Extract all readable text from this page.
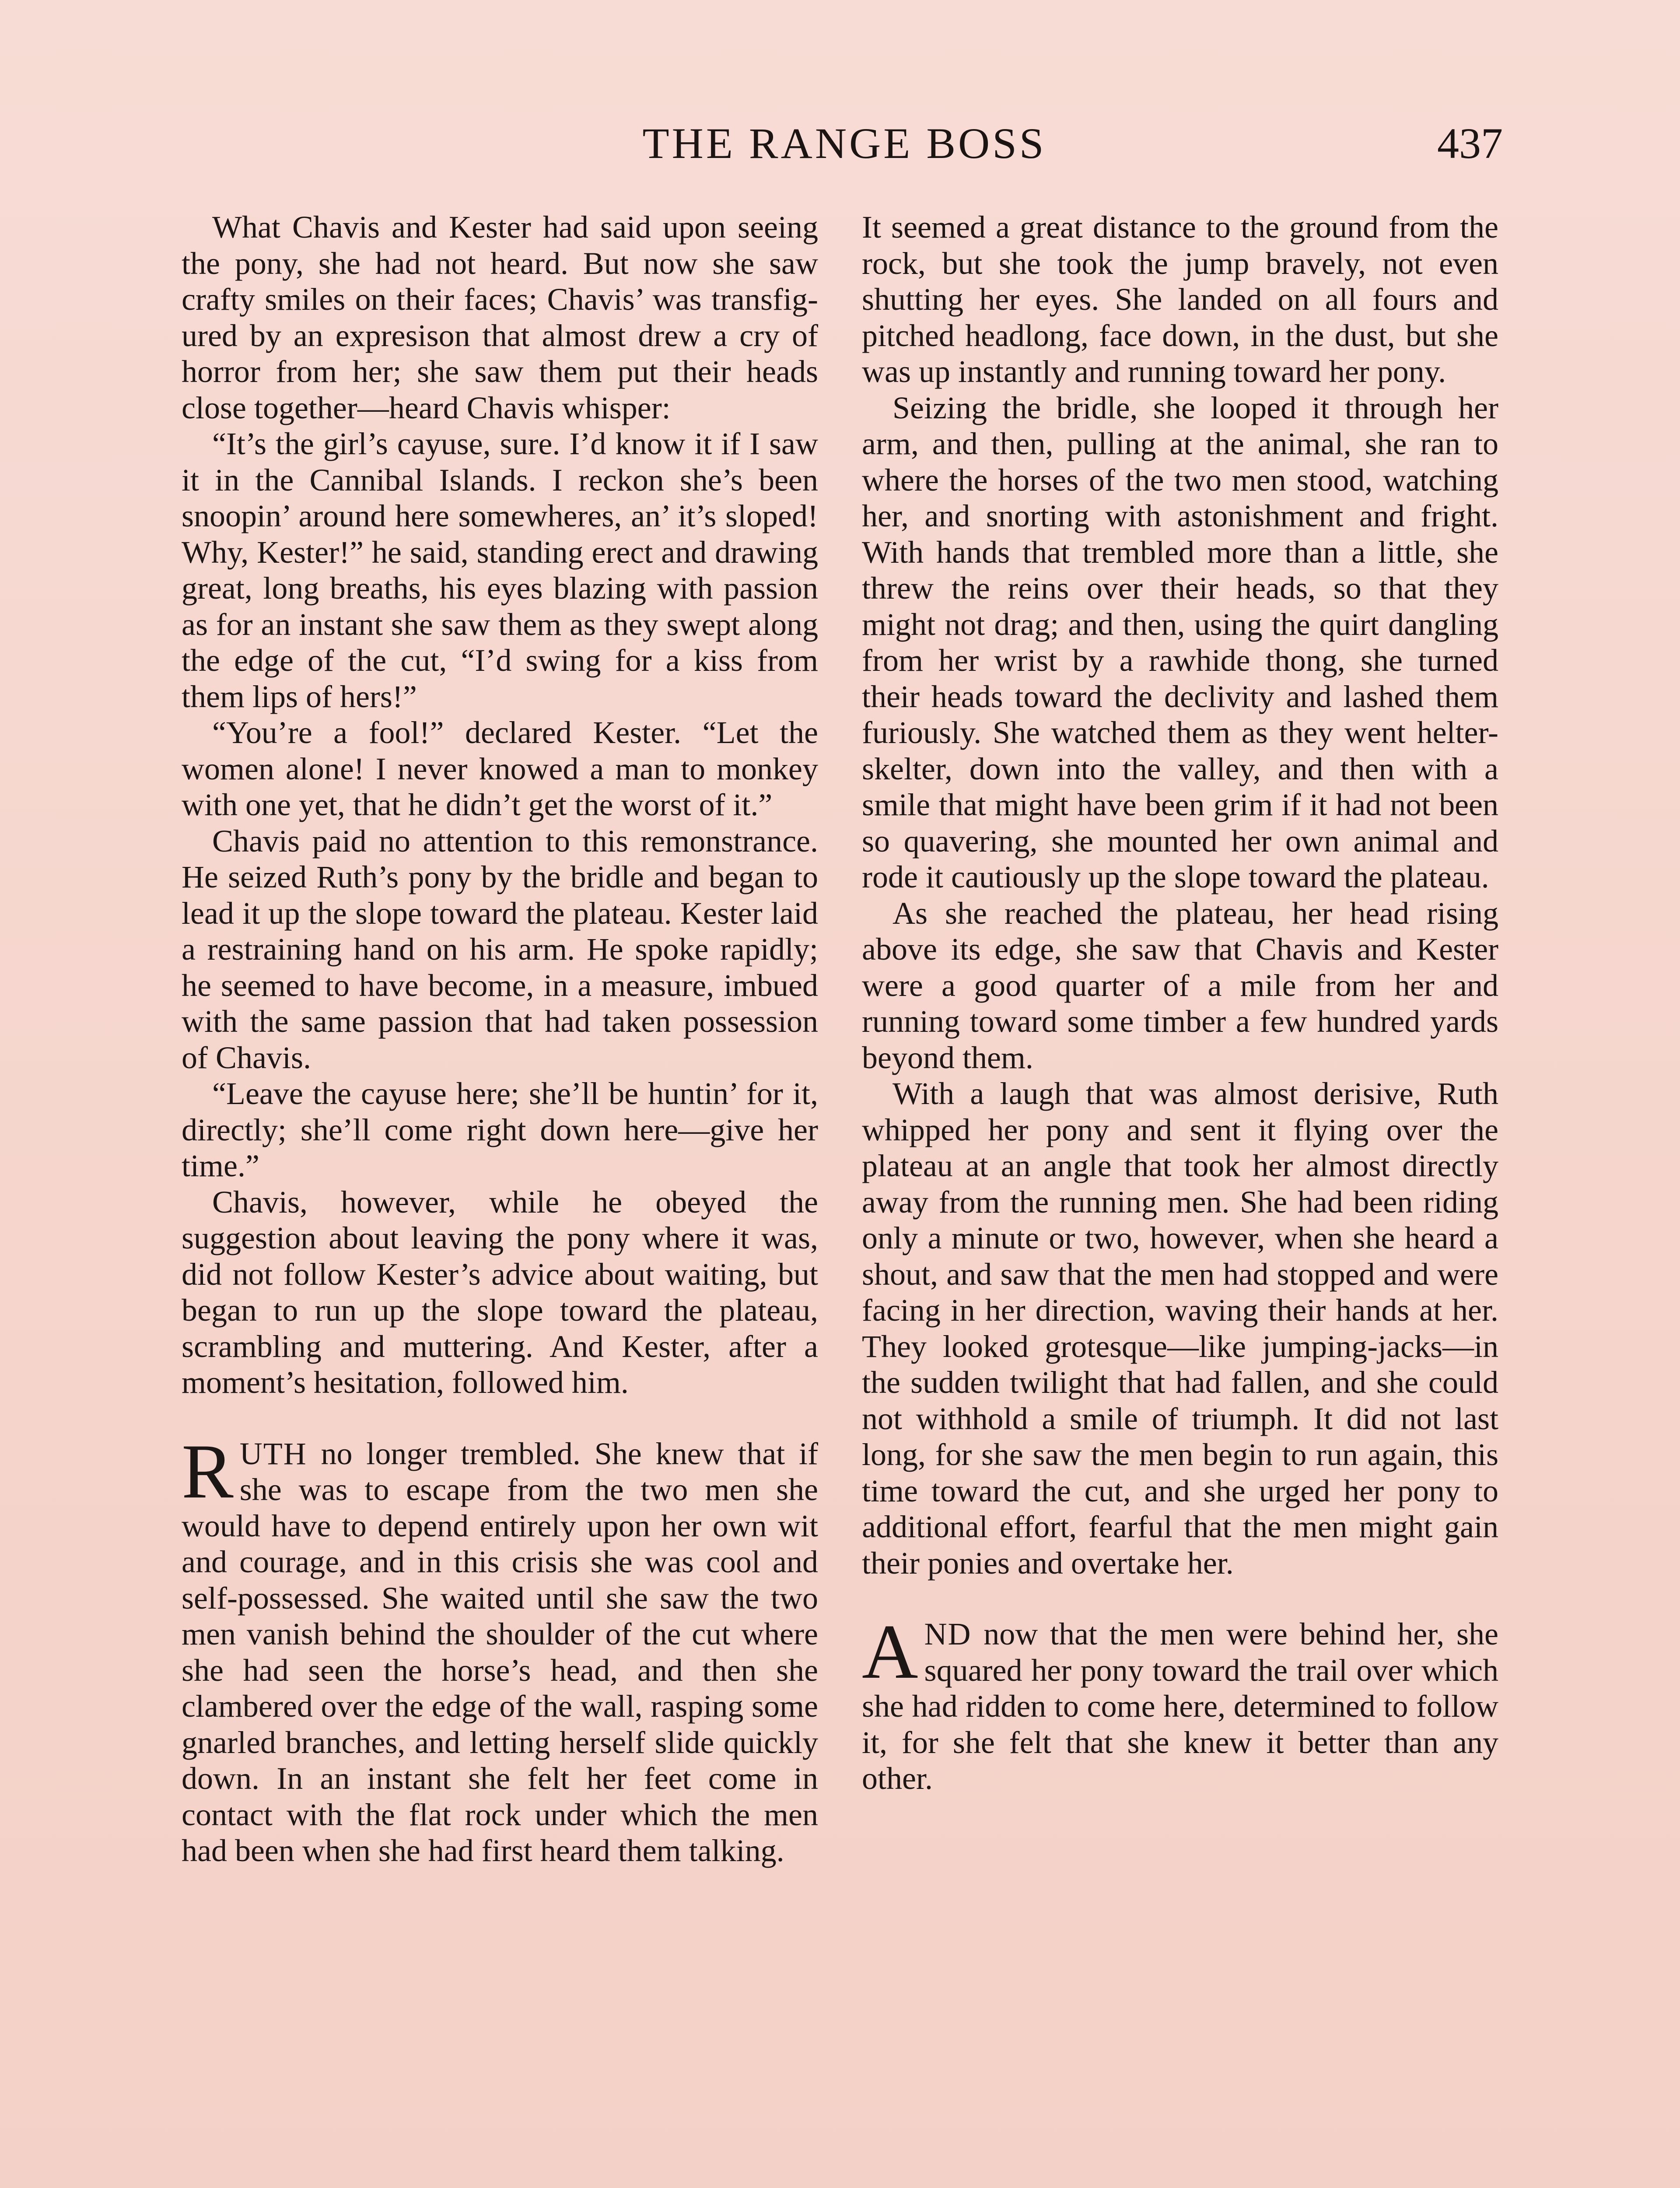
THE RANGE BOSS	437

What Chavis and Kester had said upon seeing the pony, she had not heard. But now she saw crafty smiles on their faces; Chavis’ was transfigured by an expresison that almost drew a cry of horror from her; she saw them put their heads close together—heard Chavis whisper:

“It’s the girl’s cayuse, sure. I’d know it if I saw it in the Cannibal Islands. I reckon she’s been snoopin’ around here somewheres, an’ it’s sloped! Why, Kester!” he said, standing erect and drawing great, long breaths, his eyes blazing with passion as for an instant she saw them as they swept along the edge of the cut, “I’d swing for a kiss from them lips of hers!”

“You’re a fool!” declared Kester. “Let the women alone! I never knowed a man to monkey with one yet, that he didn’t get the worst of it.”

Chavis paid no attention to this remonstrance. He seized Ruth’s pony by the bridle and began to lead it up the slope toward the plateau. Kester laid a restraining hand on his arm. He spoke rapidly; he seemed to have become, in a measure, imbued with the same passion that had taken possession of Chavis.

“Leave the cayuse here; she’ll be huntin’ for it, directly; she’ll come right down here—give her time.”

Chavis, however, while he obeyed the suggestion about leaving the pony where it was, did not follow Kester’s advice about waiting, but began to run up the slope toward the plateau, scrambling and muttering. And Kester, after a moment’s hesitation, followed him.

RUTH no longer trembled. She knew that if she was to escape from the two men she would have to depend entirely upon her own wit and courage, and in this crisis she was cool and self-possessed. She waited until she saw the two men vanish behind the shoulder of the cut where she had seen the horse’s head, and then she clambered over the edge of the wall, rasping some gnarled branches, and letting herself slide quickly down. In an instant she felt her feet come in contact with the flat rock under which the men had been when she had first heard them talking.

It seemed a great distance to the ground from the rock, but she took the jump bravely, not even shutting her eyes. She landed on all fours and pitched headlong, face down, in the dust, but she was up instantly and running toward her pony.

Seizing the bridle, she looped it through her arm, and then, pulling at the animal, she ran to where the horses of the two men stood, watching her, and snorting with astonishment and fright. With hands that trembled more than a little, she threw the reins over their heads, so that they might not drag; and then, using the quirt dangling from her wrist by a rawhide thong, she turned their heads toward the declivity and lashed them furiously. She watched them as they went helter-skelter, down into the valley, and then with a smile that might have been grim if it had not been so quavering, she mounted her own animal and rode it cautiously up the slope toward the plateau.

As she reached the plateau, her head rising above its edge, she saw that Chavis and Kester were a good quarter of a mile from her and running toward some timber a few hundred yards beyond them.

With a laugh that was almost derisive, Ruth whipped her pony and sent it flying over the plateau at an angle that took her almost directly away from the running men. She had been riding only a minute or two, however, when she heard a shout, and saw that the men had stopped and were facing in her direction, waving their hands at her. They looked grotesque—like jumping-jacks—in the sudden twilight that had fallen, and she could not withhold a smile of triumph. It did not last long, for she saw the men begin to run again, this time toward the cut, and she urged her pony to additional effort, fearful that the men might gain their ponies and overtake her.

AND now that the men were behind her, she squared her pony toward the trail over which she had ridden to come here, determined to follow it, for she felt that she knew it better than any other.
